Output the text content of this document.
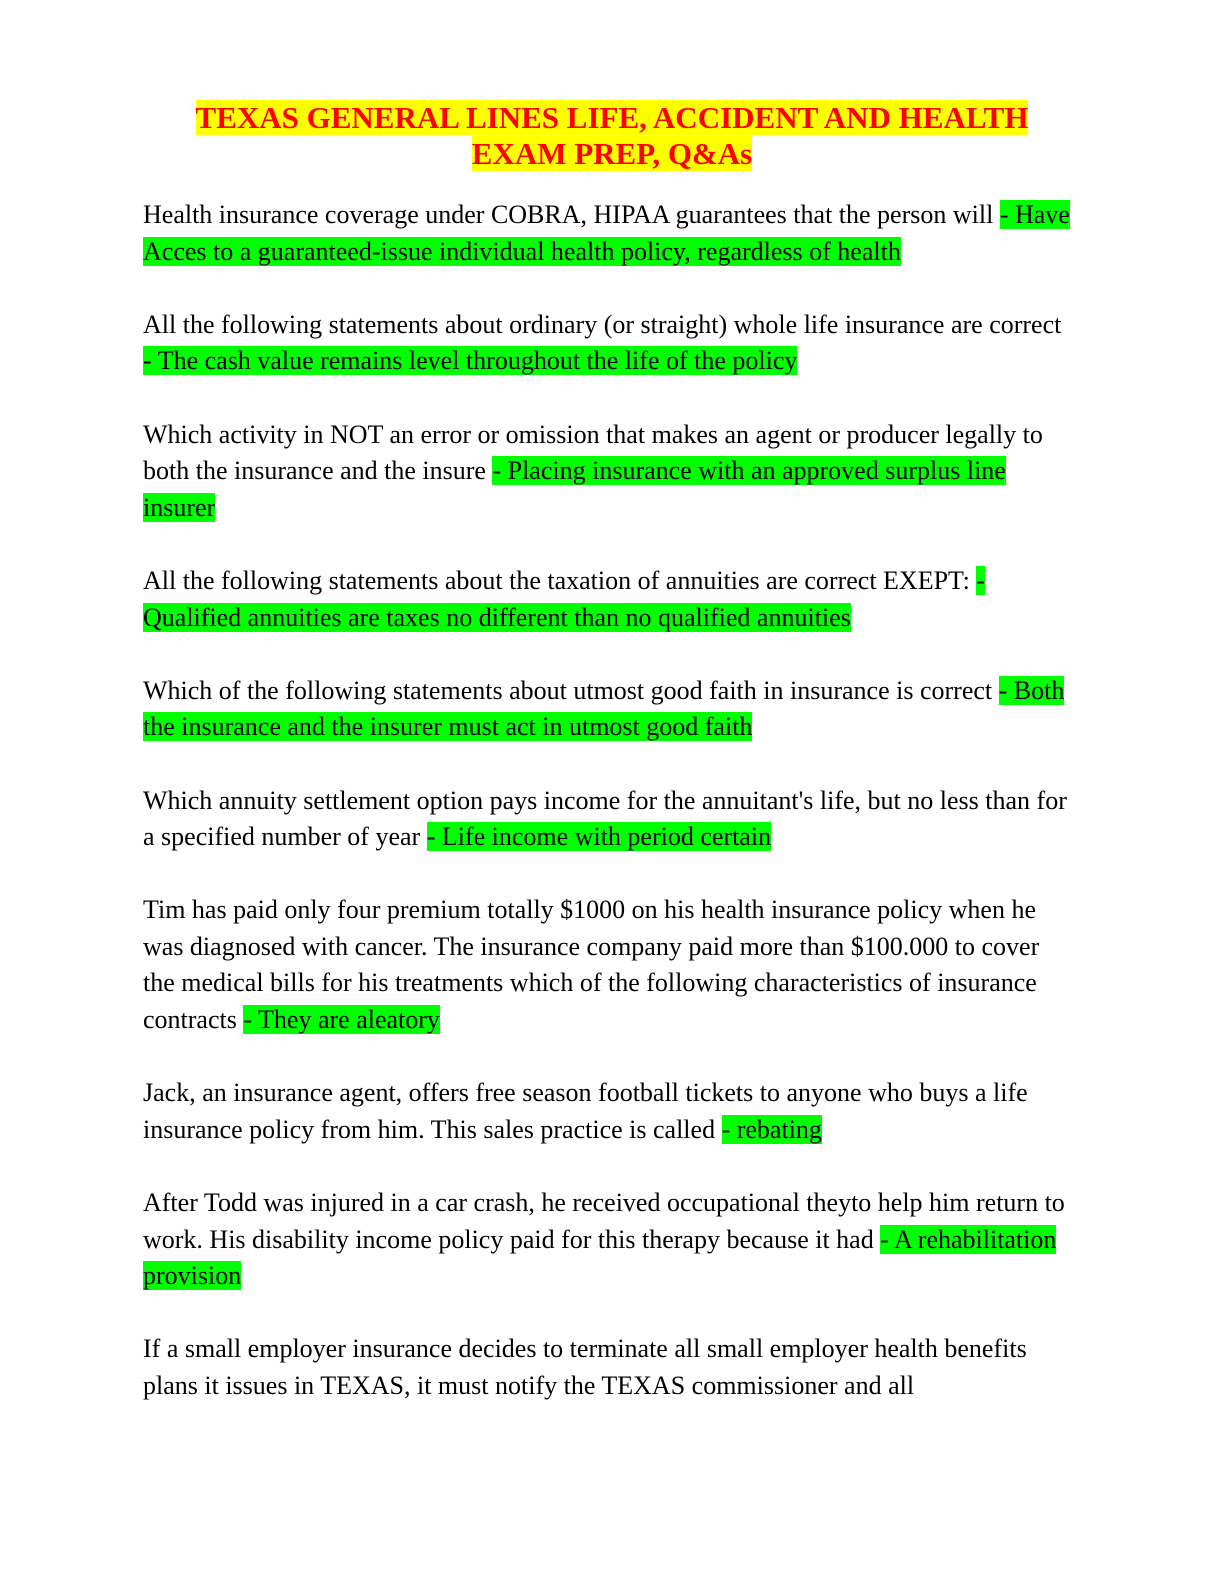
TEXAS GENERAL LINES LIFE, ACCIDENT AND HEALTH
EXAM PREP, Q&As

Health insurance coverage under COBRA, HIPAA guarantees that the person will - Have Acces to a guaranteed-issue individual health policy, regardless of health

All the following statements about ordinary (or straight) whole life insurance are correct - The cash value remains level throughout the life of the policy

Which activity in NOT an error or omission that makes an agent or producer legally to both the insurance and the insure - Placing insurance with an approved surplus line insurer

All the following statements about the taxation of annuities are correct EXEPT: - Qualified annuities are taxes no different than no qualified annuities

Which of the following statements about utmost good faith in insurance is correct - Both the insurance and the insurer must act in utmost good faith

Which annuity settlement option pays income for the annuitant's life, but no less than for a specified number of year - Life income with period certain

Tim has paid only four premium totally $1000 on his health insurance policy when he was diagnosed with cancer. The insurance company paid more than $100.000 to cover the medical bills for his treatments which of the following characteristics of insurance contracts - They are aleatory

Jack, an insurance agent, offers free season football tickets to anyone who buys a life insurance policy from him. This sales practice is called - rebating

After Todd was injured in a car crash, he received occupational theyto help him return to work. His disability income policy paid for this therapy because it had - A rehabilitation provision

If a small employer insurance decides to terminate all small employer health benefits plans it issues in TEXAS, it must notify the TEXAS commissioner and all
